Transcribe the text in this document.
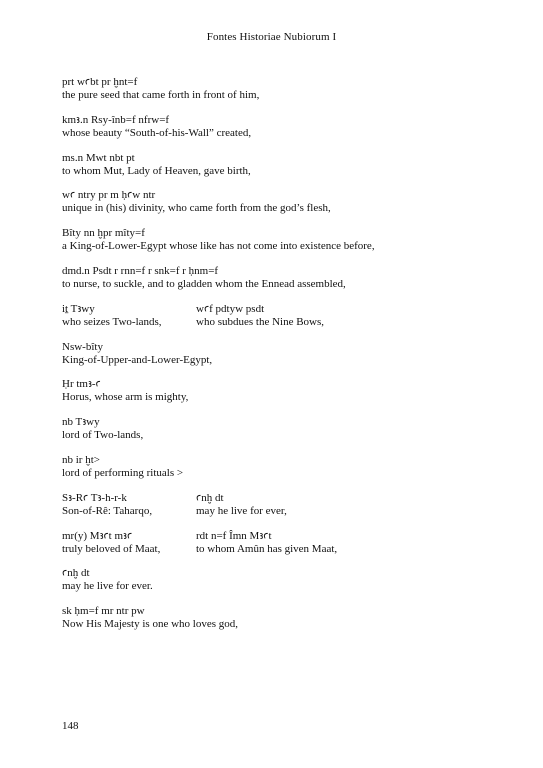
Fontes Historiae Nubiorum I
prt wꜥbt pr ḫnt=f
the pure seed that came forth in front of him,
kmꜣ.n Rsy-înb=f nfrw=f
whose beauty “South-of-his-Wall” created,
ms.n Mwt nbt pt
to whom Mut, Lady of Heaven, gave birth,
wꜥ ntry pr m ḥꜥw ntr
unique in (his) divinity, who came forth from the god’s flesh,
Bîty nn ḫpr mîty=f
a King-of-Lower-Egypt whose like has not come into existence before,
dmd.n Psdt r rnn=f r snk=f r ḥnm=f
to nurse, to suckle, and to gladden whom the Ennead assembled,
iṯ Tꜣwy	wꜥf pdtyw psdt
who seizes Two-lands,	who subdues the Nine Bows,
Nsw-bîty
King-of-Upper-and-Lower-Egypt,
Ḥr tmꜣ-ꜥ
Horus, whose arm is mighty,
nb Tꜣwy
lord of Two-lands,
nb ir ḫt>
lord of performing rituals >
Sꜣ-Rꜥ Tꜣ-h-r-k	ꜥnḫ dt
Son-of-Rê: Taharqo,	may he live for ever,
mr(y) Mꜣꜥt mꜣꜥ	rdt n=f Îmn Mꜣꜥt
truly beloved of Maat,	to whom Amûn has given Maat,
ꜥnḫ dt
may he live for ever.
sk ḥm=f mr ntr pw
Now His Majesty is one who loves god,
148
